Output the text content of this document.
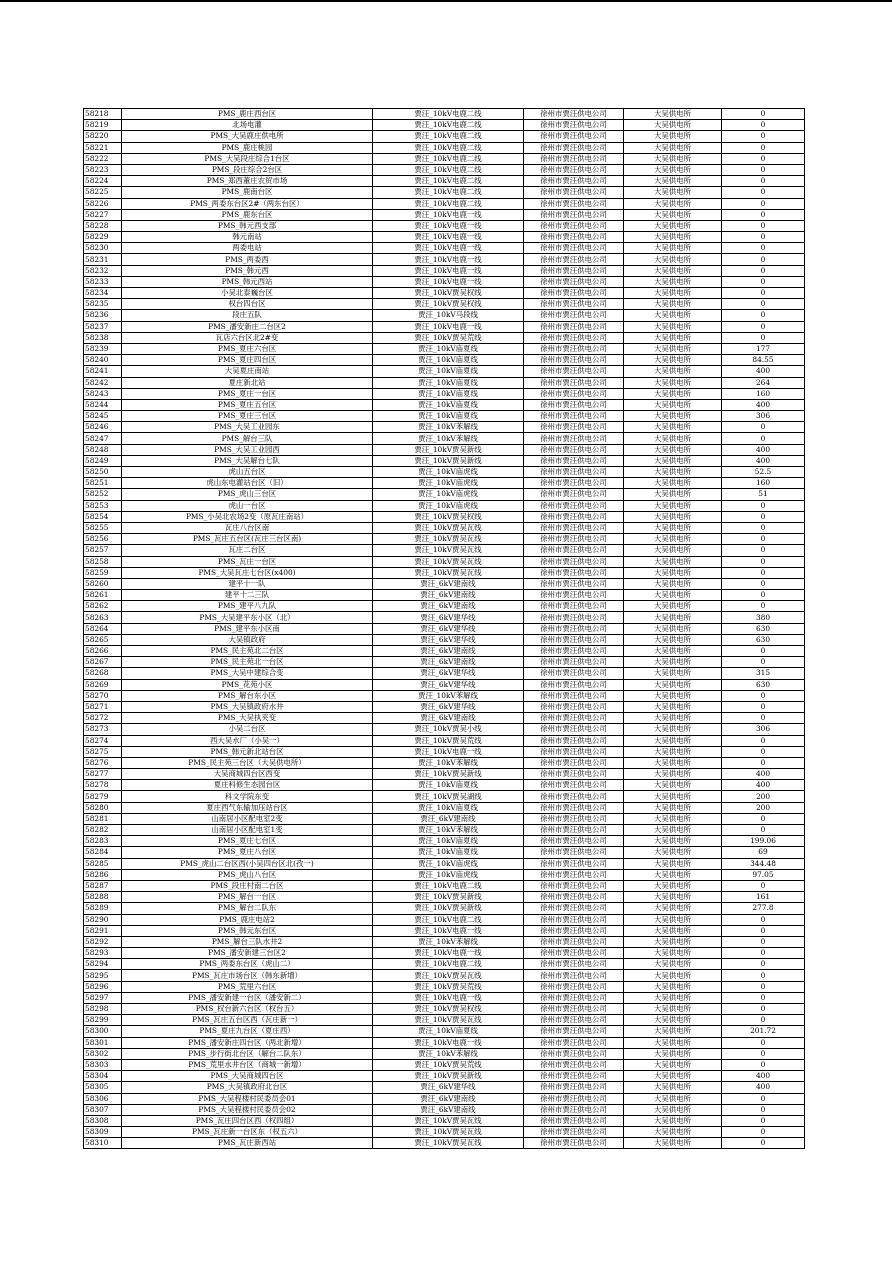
58218	PMS_鹿庄西台区	贾汪_10kV电鹿二线	徐州市贾汪供电公司	大吴供电所	0
58219	北场电灌	贾汪_10kV电鹿二线	徐州市贾汪供电公司	大吴供电所	0
58220	PMS_大吴鹿庄供电所	贾汪_10kV电鹿二线	徐州市贾汪供电公司	大吴供电所	0
58221	PMS_鹿庄桃园	贾汪_10kV电鹿二线	徐州市贾汪供电公司	大吴供电所	0
58222	PMS_大吴段庄综合1台区	贾汪_10kV电鹿二线	徐州市贾汪供电公司	大吴供电所	0
58223	PMS_段庄综合2台区	贾汪_10kV电鹿二线	徐州市贾汪供电公司	大吴供电所	0
58224	PMS_郑西董庄农贸市场	贾汪_10kV电鹿二线	徐州市贾汪供电公司	大吴供电所	0
58225	PMS_鹿南台区	贾汪_10kV电鹿二线	徐州市贾汪供电公司	大吴供电所	0
58226	PMS_两委东台区2#（两东台区）	贾汪_10kV电鹿二线	徐州市贾汪供电公司	大吴供电所	0
58227	PMS_鹿东台区	贾汪_10kV电鹿一线	徐州市贾汪供电公司	大吴供电所	0
58228	PMS_韩元西支部	贾汪_10kV电鹿一线	徐州市贾汪供电公司	大吴供电所	0
58229	韩元南站	贾汪_10kV电鹿一线	徐州市贾汪供电公司	大吴供电所	0
58230	两委电站	贾汪_10kV电鹿一线	徐州市贾汪供电公司	大吴供电所	0
58231	PMS_两委西	贾汪_10kV电鹿一线	徐州市贾汪供电公司	大吴供电所	0
58232	PMS_韩元西	贾汪_10kV电鹿一线	徐州市贾汪供电公司	大吴供电所	0
58233	PMS_韩元西站	贾汪_10kV电鹿一线	徐州市贾汪供电公司	大吴供电所	0
58234	小吴北泰巍台区	贾汪_10kV贾吴权线	徐州市贾汪供电公司	大吴供电所	0
58235	权台四台区	贾汪_10kV贾吴权线	徐州市贾汪供电公司	大吴供电所	0
58236	段庄五队	贾汪_10kV马段线	徐州市贾汪供电公司	大吴供电所	0
58237	PMS_潘安新庄二台区2	贾汪_10kV电鹿一线	徐州市贾汪供电公司	大吴供电所	0
58238	瓦店六台区北2#变	贾汪_10kV贾吴荒线	徐州市贾汪供电公司	大吴供电所	0
58239	PMS_夏庄六台区	贾汪_10kV庙夏线	徐州市贾汪供电公司	大吴供电所	177
58240	PMS_夏庄四台区	贾汪_10kV庙夏线	徐州市贾汪供电公司	大吴供电所	84.55
58241	大吴夏庄南站	贾汪_10kV庙夏线	徐州市贾汪供电公司	大吴供电所	400
58242	夏庄新北站	贾汪_10kV庙夏线	徐州市贾汪供电公司	大吴供电所	264
58243	PMS_夏庄一台区	贾汪_10kV庙夏线	徐州市贾汪供电公司	大吴供电所	160
58244	PMS_夏庄五台区	贾汪_10kV庙夏线	徐州市贾汪供电公司	大吴供电所	400
58245	PMS_夏庄三台区	贾汪_10kV庙夏线	徐州市贾汪供电公司	大吴供电所	306
58246	PMS_大吴工业园东	贾汪_10kV苯解线	徐州市贾汪供电公司	大吴供电所	0
58247	PMS_解台三队	贾汪_10kV苯解线	徐州市贾汪供电公司	大吴供电所	0
58248	PMS_大吴工业园西	贾汪_10kV贾吴新线	徐州市贾汪供电公司	大吴供电所	400
58249	PMS_大吴解台七队	贾汪_10kV贾吴新线	徐州市贾汪供电公司	大吴供电所	400
58250	虎山五台区	贾汪_10kV庙虎线	徐州市贾汪供电公司	大吴供电所	52.5
58251	虎山东电灌站台区（旧）	贾汪_10kV庙虎线	徐州市贾汪供电公司	大吴供电所	160
58252	PMS_虎山三台区	贾汪_10kV庙虎线	徐州市贾汪供电公司	大吴供电所	51
58253	虎山一台区	贾汪_10kV庙虎线	徐州市贾汪供电公司	大吴供电所	0
58254	PMS_小吴北农场2变（原瓦庄南站）	贾汪_10kV贾吴权线	徐州市贾汪供电公司	大吴供电所	0
58255	瓦庄八台区南	贾汪_10kV贾吴瓦线	徐州市贾汪供电公司	大吴供电所	0
58256	PMS_瓦庄五台区(瓦庄三台区南)	贾汪_10kV贾吴瓦线	徐州市贾汪供电公司	大吴供电所	0
58257	瓦庄二台区	贾汪_10kV贾吴瓦线	徐州市贾汪供电公司	大吴供电所	0
58258	PMS_瓦庄一台区	贾汪_10kV贾吴瓦线	徐州市贾汪供电公司	大吴供电所	0
58259	PMS_大吴瓦庄七台区(x400)	贾汪_10kV贾吴瓦线	徐州市贾汪供电公司	大吴供电所	0
58260	建平十一队	贾汪_6kV建南线	徐州市贾汪供电公司	大吴供电所	0
58261	建平十二三队	贾汪_6kV建南线	徐州市贾汪供电公司	大吴供电所	0
58262	PMS_建平八九队	贾汪_6kV建南线	徐州市贾汪供电公司	大吴供电所	0
58263	PMS_大吴建平东小区（北）	贾汪_6kV建华线	徐州市贾汪供电公司	大吴供电所	380
58264	PMS_建平东小区南	贾汪_6kV建华线	徐州市贾汪供电公司	大吴供电所	630
58265	大吴镇政府	贾汪_6kV建华线	徐州市贾汪供电公司	大吴供电所	630
58266	PMS_民主苑北二台区	贾汪_6kV建南线	徐州市贾汪供电公司	大吴供电所	0
58267	PMS_民主苑北一台区	贾汪_6kV建南线	徐州市贾汪供电公司	大吴供电所	0
58268	PMS_大吴中建综合变	贾汪_6kV建华线	徐州市贾汪供电公司	大吴供电所	315
58269	PMS_花苑小区	贾汪_6kV建华线	徐州市贾汪供电公司	大吴供电所	630
58270	PMS_解台东小区	贾汪_10kV苯解线	徐州市贾汪供电公司	大吴供电所	0
58271	PMS_大吴镇政府水井	贾汪_6kV建华线	徐州市贾汪供电公司	大吴供电所	0
58272	PMS_大吴执夹变	贾汪_6kV建南线	徐州市贾汪供电公司	大吴供电所	0
58273	小吴二台区	贾汪_10kV贾吴小线	徐州市贾汪供电公司	大吴供电所	306
58274	西大吴水厂（小吴一）	贾汪_10kV贾吴荒线	徐州市贾汪供电公司	大吴供电所	0
58275	PMS_韩元新北站台区	贾汪_10kV电鹿一线	徐州市贾汪供电公司	大吴供电所	0
58276	PMS_民主苑三台区（大吴供电所）	贾汪_10kV苯解线	徐州市贾汪供电公司	大吴供电所	0
58277	大吴商城四台区西变	贾汪_10kV贾吴新线	徐州市贾汪供电公司	大吴供电所	400
58278	夏庄科修生态园台区	贾汪_10kV庙夏线	徐州市贾汪供电公司	大吴供电所	400
58279	科文学院东变	贾汪_10kV贾吴湖线	徐州市贾汪供电公司	大吴供电所	200
58280	夏庄西气东输加压站台区	贾汪_10kV庙夏线	徐州市贾汪供电公司	大吴供电所	200
58281	山南居小区配电室2变	贾汪_6kV建南线	徐州市贾汪供电公司	大吴供电所	0
58282	山南居小区配电室1变	贾汪_10kV苯解线	徐州市贾汪供电公司	大吴供电所	0
58283	PMS_夏庄七台区	贾汪_10kV庙夏线	徐州市贾汪供电公司	大吴供电所	199.06
58284	PMS_夏庄八台区	贾汪_10kV庙夏线	徐州市贾汪供电公司	大吴供电所	69
58285	PMS_虎山二台区西(小吴四台区北(孜一)	贾汪_10kV庙虎线	徐州市贾汪供电公司	大吴供电所	344.48
58286	PMS_虎山八台区	贾汪_10kV庙虎线	徐州市贾汪供电公司	大吴供电所	97.05
58287	PMS_段庄村南二台区	贾汪_10kV电鹿二线	徐州市贾汪供电公司	大吴供电所	0
58288	PMS_解台一台区	贾汪_10kV贾吴新线	徐州市贾汪供电公司	大吴供电所	161
58289	PMS_解台二队东	贾汪_10kV贾吴新线	徐州市贾汪供电公司	大吴供电所	277.8
58290	PMS_鹿庄电站2	贾汪_10kV电鹿二线	徐州市贾汪供电公司	大吴供电所	0
58291	PMS_韩元东台区	贾汪_10kV电鹿一线	徐州市贾汪供电公司	大吴供电所	0
58292	PMS_解台三队水井2	贾汪_10kV苯解线	徐州市贾汪供电公司	大吴供电所	0
58293	PMS_潘安新建三台区2	贾汪_10kV电鹿一线	徐州市贾汪供电公司	大吴供电所	0
58294	PMS_两委东台区（虎山二）	贾汪_10kV电鹿二线	徐州市贾汪供电公司	大吴供电所	0
58295	PMS_瓦庄市场台区（韩东新增）	贾汪_10kV贾吴瓦线	徐州市贾汪供电公司	大吴供电所	0
58296	PMS_荒里六台区	贾汪_10kV贾吴荒线	徐州市贾汪供电公司	大吴供电所	0
58297	PMS_潘安新建一台区（潘安新二）	贾汪_10kV电鹿一线	徐州市贾汪供电公司	大吴供电所	0
58298	PMS_权台新六台区（权台五）	贾汪_10kV贾吴权线	徐州市贾汪供电公司	大吴供电所	0
58299	PMS_瓦庄五台区西（瓦庄新一）	贾汪_10kV贾吴瓦线	徐州市贾汪供电公司	大吴供电所	0
58300	PMS_夏庄九台区（夏庄西）	贾汪_10kV庙夏线	徐州市贾汪供电公司	大吴供电所	201.72
58301	PMS_潘安新庄四台区（两北新增）	贾汪_10kV电鹿一线	徐州市贾汪供电公司	大吴供电所	0
58302	PMS_步行街北台区（解台二队东）	贾汪_10kV苯解线	徐州市贾汪供电公司	大吴供电所	0
58303	PMS_荒里水井台区（商城一新增）	贾汪_10kV贾吴荒线	徐州市贾汪供电公司	大吴供电所	0
58304	PMS_大吴商城四台区	贾汪_10kV贾吴新线	徐州市贾汪供电公司	大吴供电所	400
58305	PMS_大吴镇政府北台区	贾汪_6kV建华线	徐州市贾汪供电公司	大吴供电所	400
58306	PMS_大吴程楼村民委员会01	贾汪_6kV建南线	徐州市贾汪供电公司	大吴供电所	0
58307	PMS_大吴程楼村民委员会02	贾汪_6kV建南线	徐州市贾汪供电公司	大吴供电所	0
58308	PMS_瓦庄四台区西（权四组）	贾汪_10kV贾吴瓦线	徐州市贾汪供电公司	大吴供电所	0
58309	PMS_瓦庄新一台区东（权五六）	贾汪_10kV贾吴瓦线	徐州市贾汪供电公司	大吴供电所	0
58310	PMS_瓦庄新西站	贾汪_10kV贾吴瓦线	徐州市贾汪供电公司	大吴供电所	0
